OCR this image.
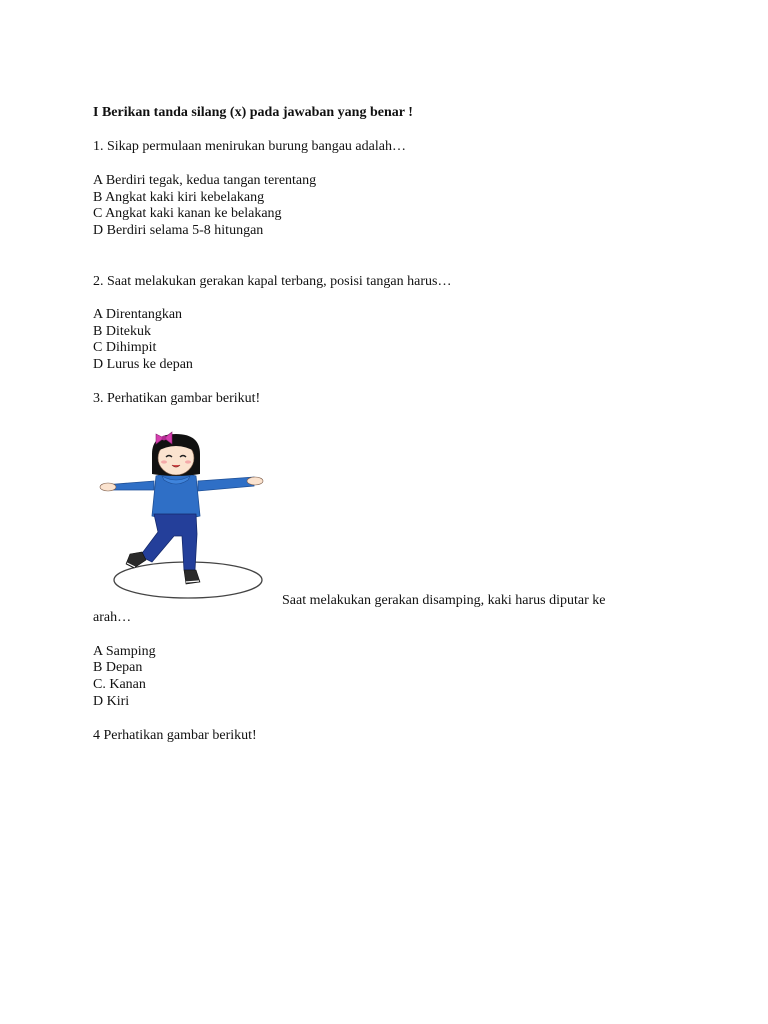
I Berikan tanda silang (x) pada jawaban yang benar !
1. Sikap permulaan menirukan burung bangau adalah…
A Berdiri tegak, kedua tangan terentang
B Angkat kaki kiri kebelakang
C Angkat kaki kanan ke belakang
D Berdiri selama 5-8 hitungan
2. Saat melakukan gerakan kapal terbang, posisi tangan harus…
A Direntangkan
B Ditekuk
C Dihimpit
D Lurus ke depan
3. Perhatikan gambar berikut!
Saat melakukan gerakan disamping, kaki harus diputar ke
arah…
A Samping
B Depan
C. Kanan
D Kiri
4 Perhatikan gambar berikut!
